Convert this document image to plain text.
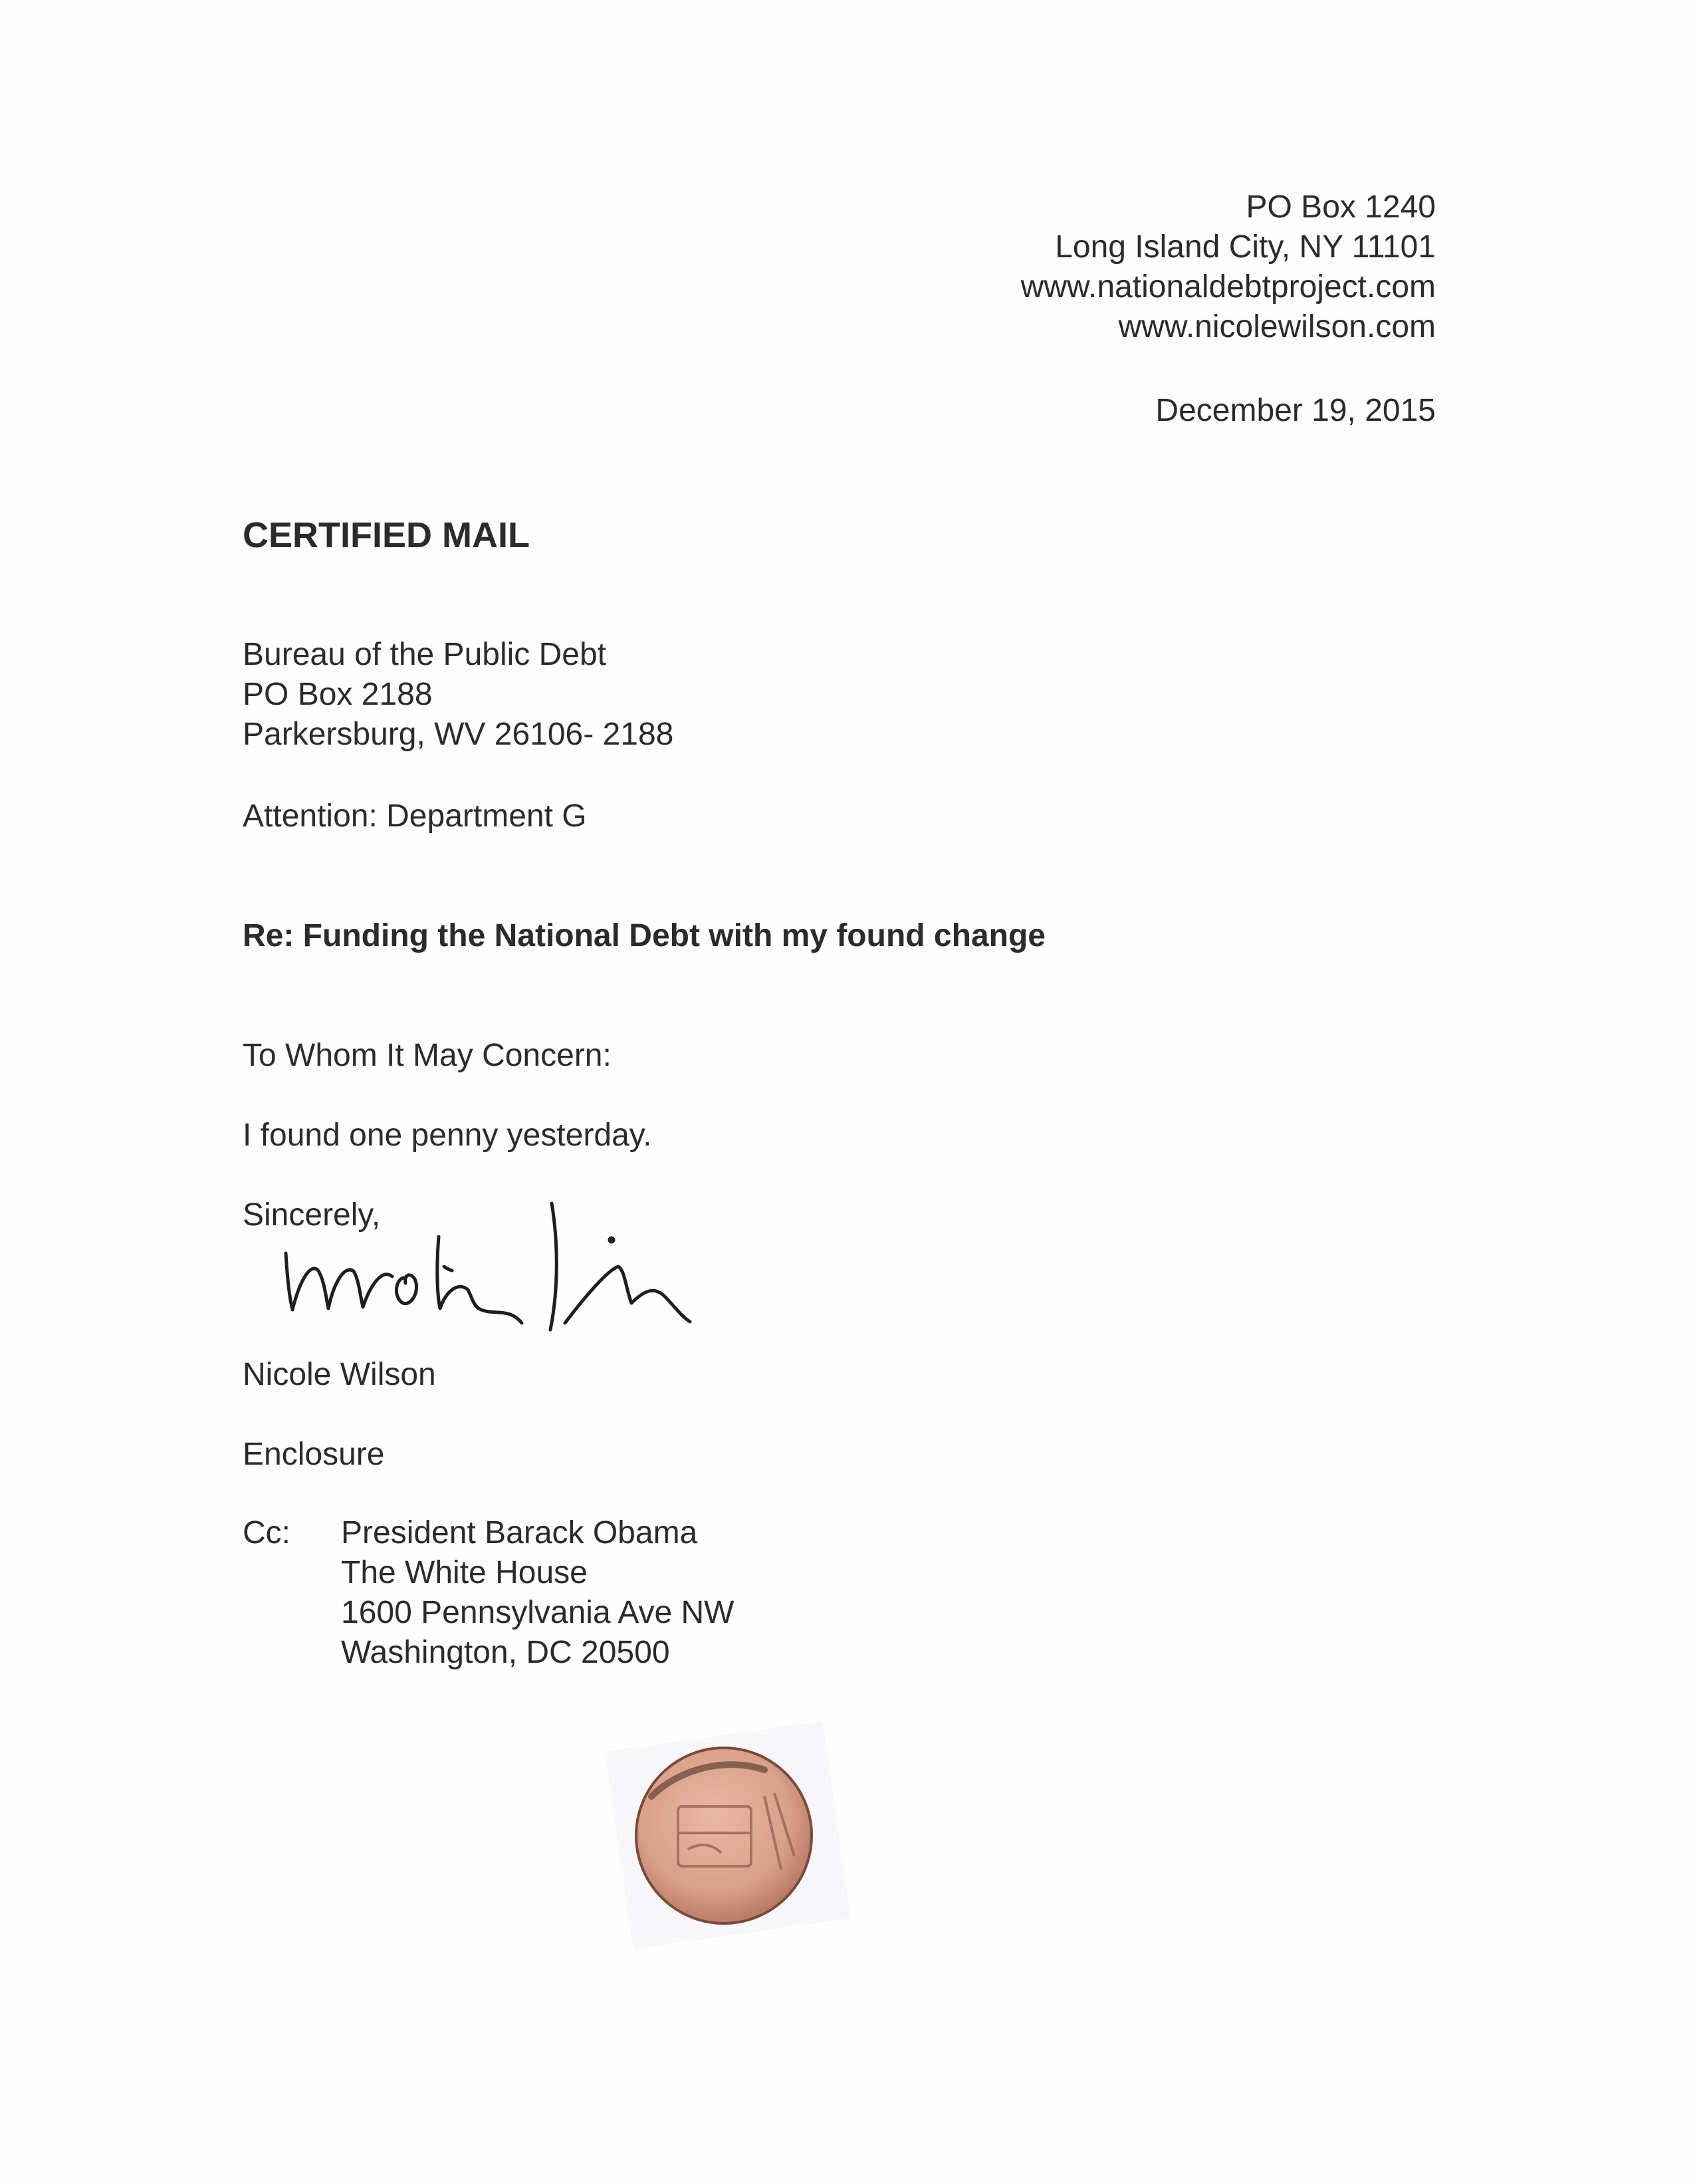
PO Box 1240
Long Island City, NY 11101
www.nationaldebtproject.com
www.nicolewilson.com
December 19, 2015
CERTIFIED MAIL
Bureau of the Public Debt
PO Box 2188
Parkersburg, WV 26106- 2188
Attention: Department G
Re: Funding the National Debt with my found change
To Whom It May Concern:
I found one penny yesterday.
Sincerely,
Nicole Wilson
Enclosure
Cc: President Barack Obama
The White House
1600 Pennsylvania Ave NW
Washington, DC 20500
